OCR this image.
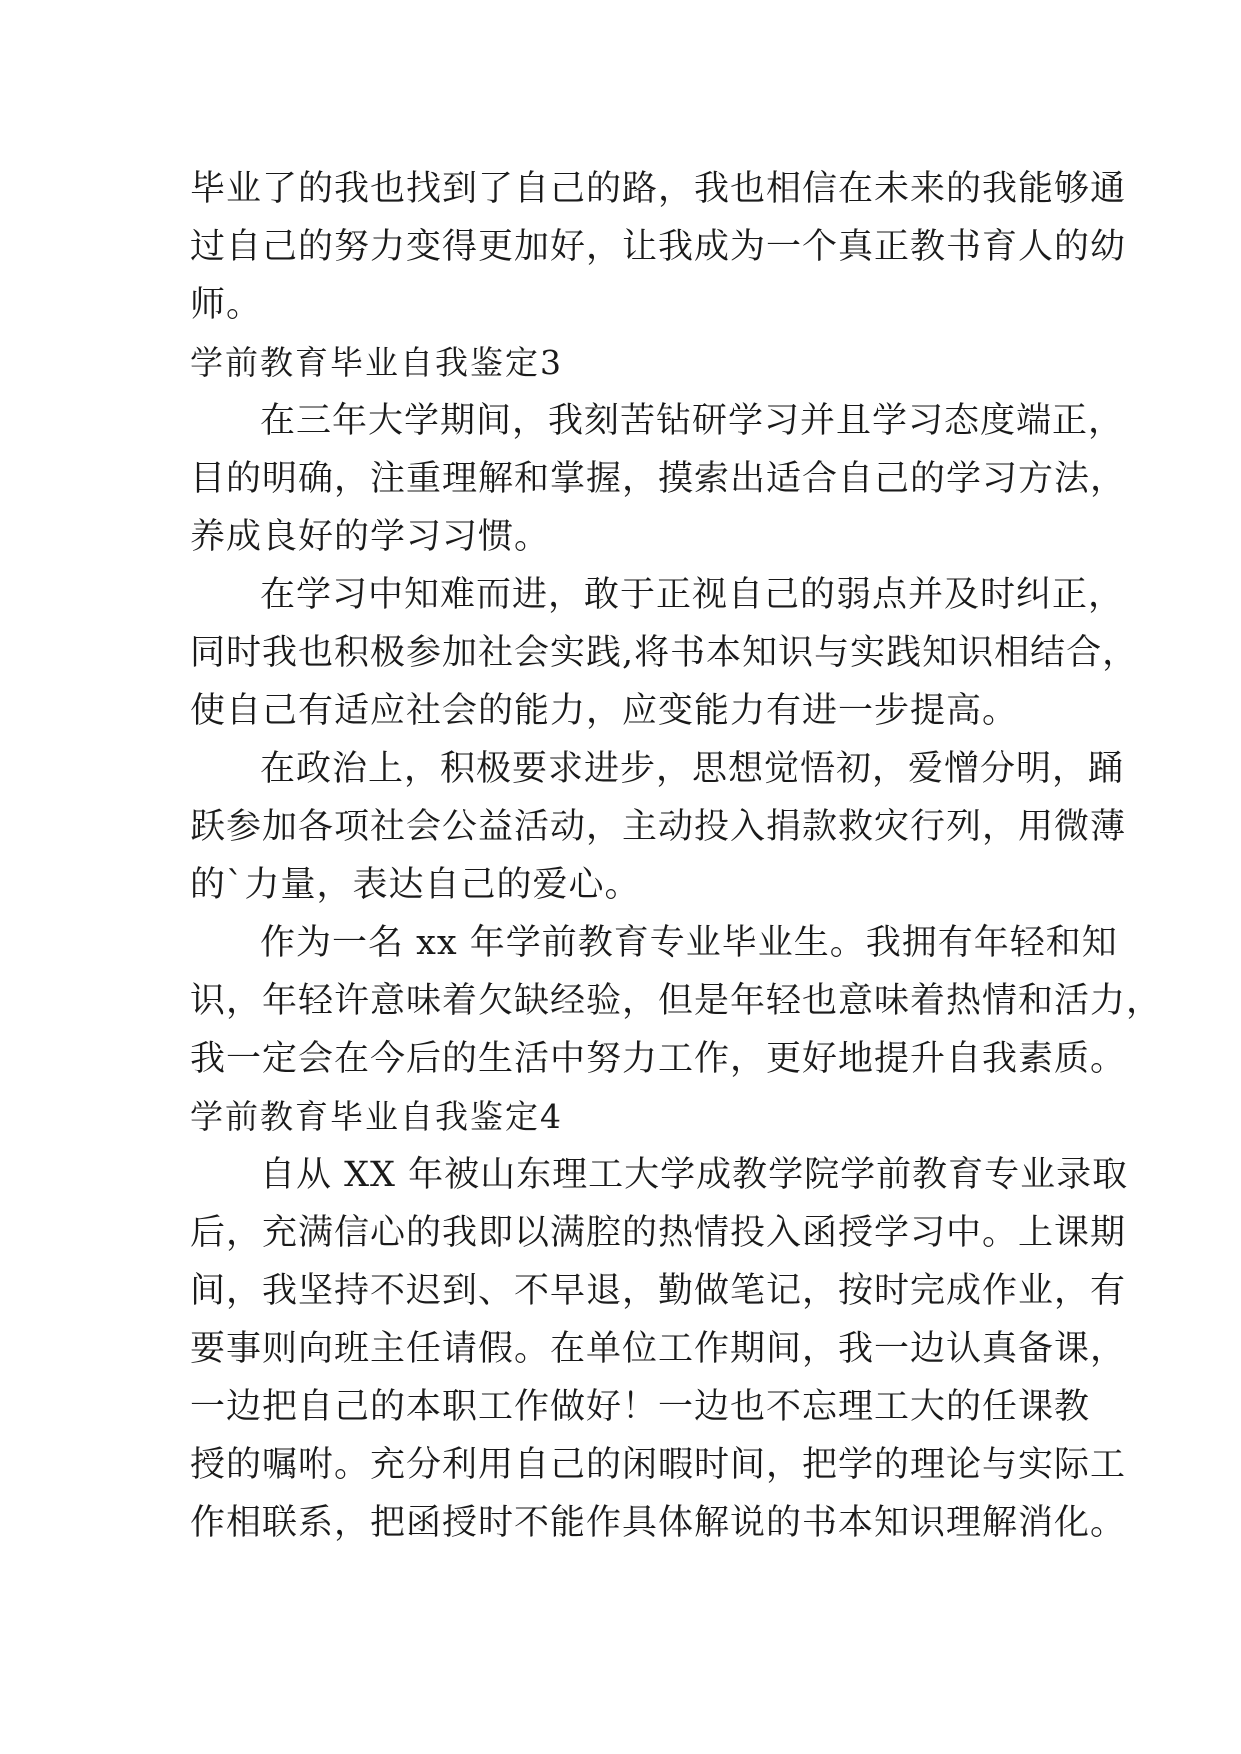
毕业了的我也找到了自己的路，我也相信在未来的我能够通
过自己的努力变得更加好，让我成为一个真正教书育人的幼
师。
学前教育毕业自我鉴定3
在三年大学期间，我刻苦钻研学习并且学习态度端正，
目的明确，注重理解和掌握，摸索出适合自己的学习方法，
养成良好的学习习惯。
在学习中知难而进，敢于正视自己的弱点并及时纠正，
同时我也积极参加社会实践,将书本知识与实践知识相结合，
使自己有适应社会的能力，应变能力有进一步提高。
在政治上，积极要求进步，思想觉悟初，爱憎分明，踊
跃参加各项社会公益活动，主动投入捐款救灾行列，用微薄
的`力量，表达自己的爱心。
作为一名 xx 年学前教育专业毕业生。我拥有年轻和知
识，年轻许意味着欠缺经验，但是年轻也意味着热情和活力，
我一定会在今后的生活中努力工作，更好地提升自我素质。
学前教育毕业自我鉴定4
自从 XX 年被山东理工大学成教学院学前教育专业录取
后，充满信心的我即以满腔的热情投入函授学习中。上课期
间，我坚持不迟到、不早退，勤做笔记，按时完成作业，有
要事则向班主任请假。在单位工作期间，我一边认真备课，
一边把自己的本职工作做好！一边也不忘理工大的任课教
授的嘱咐。充分利用自己的闲暇时间，把学的理论与实际工
作相联系，把函授时不能作具体解说的书本知识理解消化。
